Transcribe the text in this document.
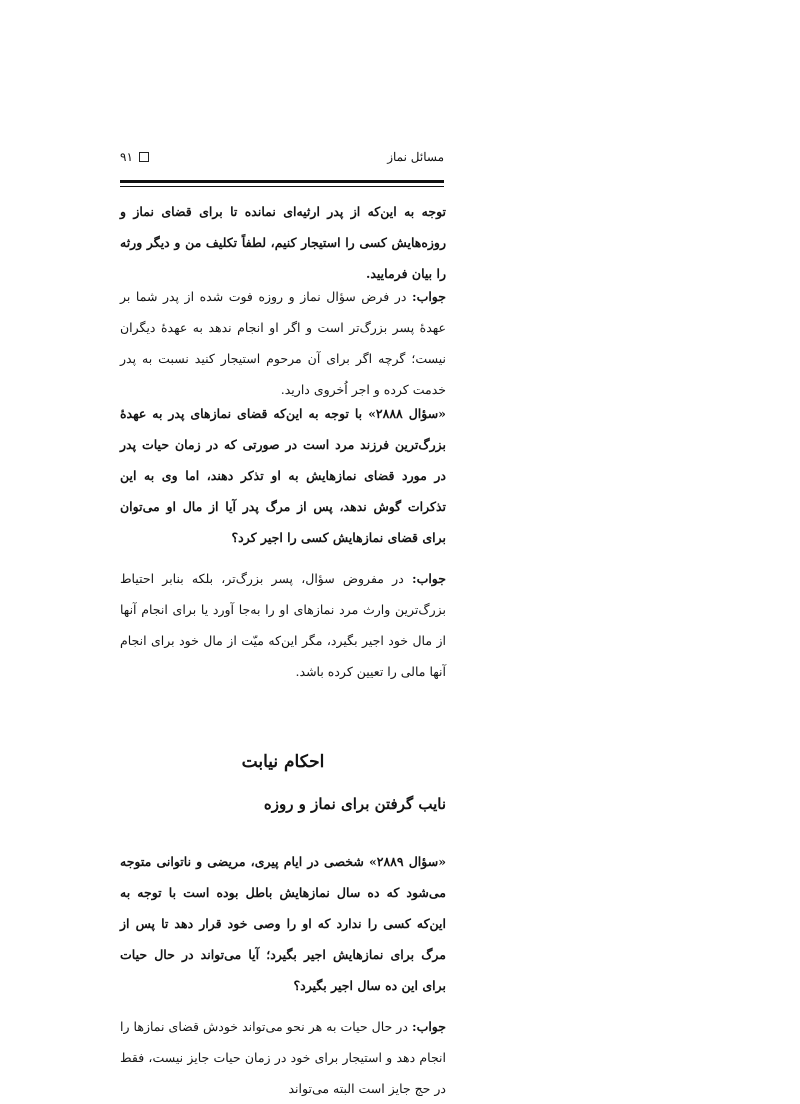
۹۱	مسائل نماز
توجه به این‌که از پدر ارثیه‌ای نمانده تا برای قضای نماز و روزه‌هایش کسی را استیجار کنیم، لطفاً تکلیف من و دیگر ورثه را بیان فرمایید.
جواب: در فرض سؤال نماز و روزه فوت شده از پدر شما بر عهدهٔ پسر بزرگ‌تر است و اگر او انجام ندهد به عهدهٔ دیگران نیست؛ گرچه اگر برای آن مرحوم استیجار کنید نسبت به پدر خدمت کرده و اجر اُخروی دارید.
«سؤال ۲۸۸۸» با توجه به این‌که قضای نمازهای پدر به عهدهٔ بزرگ‌ترین فرزند مرد است در صورتی که در زمان حیات پدر در مورد قضای نمازهایش به او تذکر دهند، اما وی به این تذکرات گوش ندهد، پس از مرگ پدر آیا از مال او می‌توان برای قضای نمازهایش کسی را اجیر کرد؟
جواب: در مفروض سؤال، پسر بزرگ‌تر، بلکه بنابر احتیاط بزرگ‌ترین وارث مرد نمازهای او را به‌جا آورد یا برای انجام آنها از مال خود اجیر بگیرد، مگر این‌که میّت از مال خود برای انجام آنها مالی را تعیین کرده باشد.
احکام نیابت
نایب گرفتن برای نماز و روزه
«سؤال ۲۸۸۹» شخصی در ایام پیری، مریضی و ناتوانی متوجه می‌شود که ده سال نمازهایش باطل بوده است با توجه به این‌که کسی را ندارد که او را وصی خود قرار دهد تا پس از مرگ برای نمازهایش اجیر بگیرد؛ آیا می‌تواند در حال حیات برای این ده سال اجیر بگیرد؟
جواب: در حال حیات به هر نحو می‌تواند خودش قضای نمازها را انجام دهد و استیجار برای خود در زمان حیات جایز نیست، فقط در حج جایز است البته می‌تواند
